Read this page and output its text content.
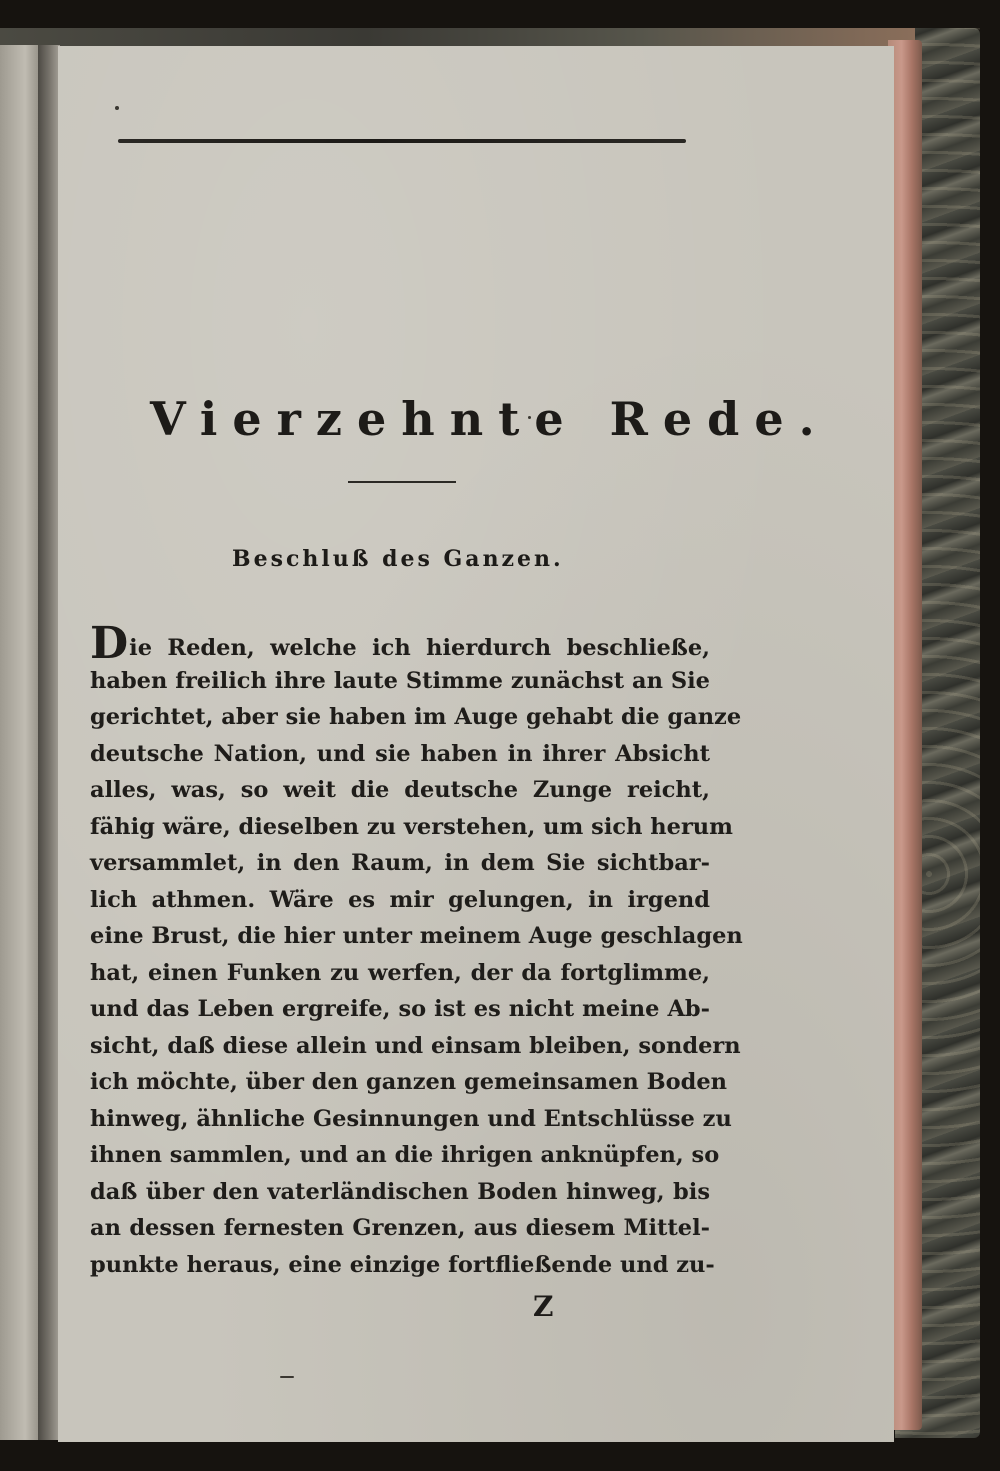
Vierzehnte Rede.
Beschluß des Ganzen.
Die Reden, welche ich hierdurch beschließe,
haben freilich ihre laute Stimme zunächst an Sie
gerichtet, aber sie haben im Auge gehabt die ganze
deutsche Nation, und sie haben in ihrer Absicht
alles, was, so weit die deutsche Zunge reicht,
fähig wäre, dieselben zu verstehen, um sich herum
versammlet, in den Raum, in dem Sie sichtbar-
lich athmen. Wäre es mir gelungen, in irgend
eine Brust, die hier unter meinem Auge geschlagen
hat, einen Funken zu werfen, der da fortglimme,
und das Leben ergreife, so ist es nicht meine Ab-
sicht, daß diese allein und einsam bleiben, sondern
ich möchte, über den ganzen gemeinsamen Boden
hinweg, ähnliche Gesinnungen und Entschlüsse zu
ihnen sammlen, und an die ihrigen anknüpfen, so
daß über den vaterländischen Boden hinweg, bis
an dessen fernesten Grenzen, aus diesem Mittel-
punkte heraus, eine einzige fortfließende und zu-
Z
